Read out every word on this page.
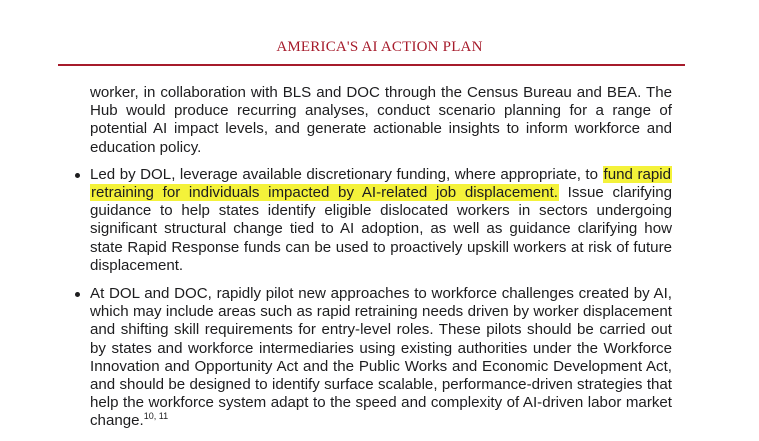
AMERICA'S AI ACTION PLAN

worker, in collaboration with BLS and DOC through the Census Bureau and BEA. The Hub would produce recurring analyses, conduct scenario planning for a range of potential AI impact levels, and generate actionable insights to inform workforce and education policy.

Led by DOL, leverage available discretionary funding, where appropriate, to fund rapid retraining for individuals impacted by AI-related job displacement. Issue clarifying guidance to help states identify eligible dislocated workers in sectors undergoing significant structural change tied to AI adoption, as well as guidance clarifying how state Rapid Response funds can be used to proactively upskill workers at risk of future displacement.

At DOL and DOC, rapidly pilot new approaches to workforce challenges created by AI, which may include areas such as rapid retraining needs driven by worker displacement and shifting skill requirements for entry-level roles. These pilots should be carried out by states and workforce intermediaries using existing authorities under the Workforce Innovation and Opportunity Act and the Public Works and Economic Development Act, and should be designed to identify surface scalable, performance-driven strategies that help the workforce system adapt to the speed and complexity of AI-driven labor market change.$^{10, 11}$
